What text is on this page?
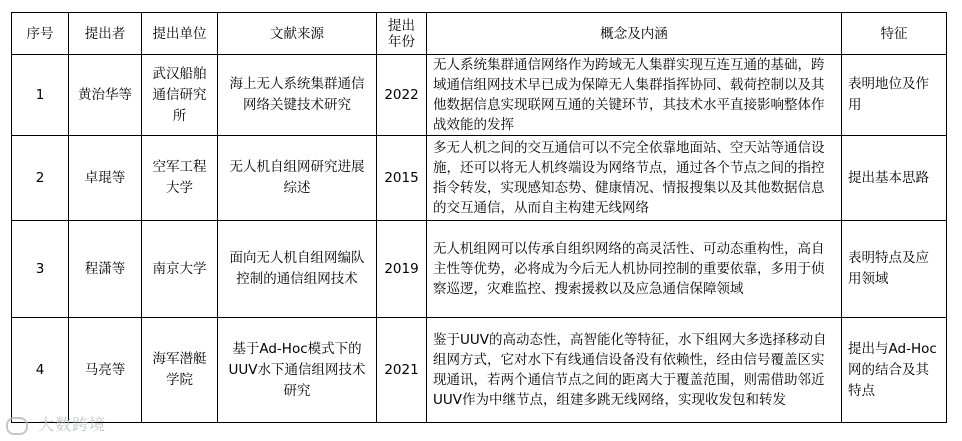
序号	提出者	提出单位	文献来源	提出年份	概念及内涵	特征
1	黄治华等	武汉船舶通信研究所	海上无人系统集群通信网络关键技术研究	2022	无人系统集群通信网络作为跨域无人集群实现互连互通的基础，跨域通信组网技术早已成为保障无人集群指挥协同、载荷控制以及其他数据信息实现联网互通的关键环节，其技术水平直接影响整体作战效能的发挥	表明地位及作用
2	卓琨等	空军工程大学	无人机自组网研究进展综述	2015	多无人机之间的交互通信可以不完全依靠地面站、空天站等通信设施，还可以将无人机终端设为网络节点，通过各个节点之间的指控指令转发，实现感知态势、健康情况、情报搜集以及其他数据信息的交互通信，从而自主构建无线网络	提出基本思路
3	程潇等	南京大学	面向无人机自组网编队控制的通信组网技术	2019	无人机组网可以传承自组织网络的高灵活性、可动态重构性，高自主性等优势，必将成为今后无人机协同控制的重要依靠，多用于侦察巡逻，灾难监控、搜索援救以及应急通信保障领域	表明特点及应用领域
4	马亮等	海军潜艇学院	基于Ad-Hoc模式下的UUV水下通信组网技术研究	2021	鉴于UUV的高动态性，高智能化等特征，水下组网大多选择移动自组网方式，它对水下有线通信设备没有依赖性，经由信号覆盖区实现通讯，若两个通信节点之间的距离大于覆盖范围，则需借助邻近UUV作为中继节点，组建多跳无线网络，实现收发包和转发	提出与Ad-Hoc网的结合及其特点
大数跨境
